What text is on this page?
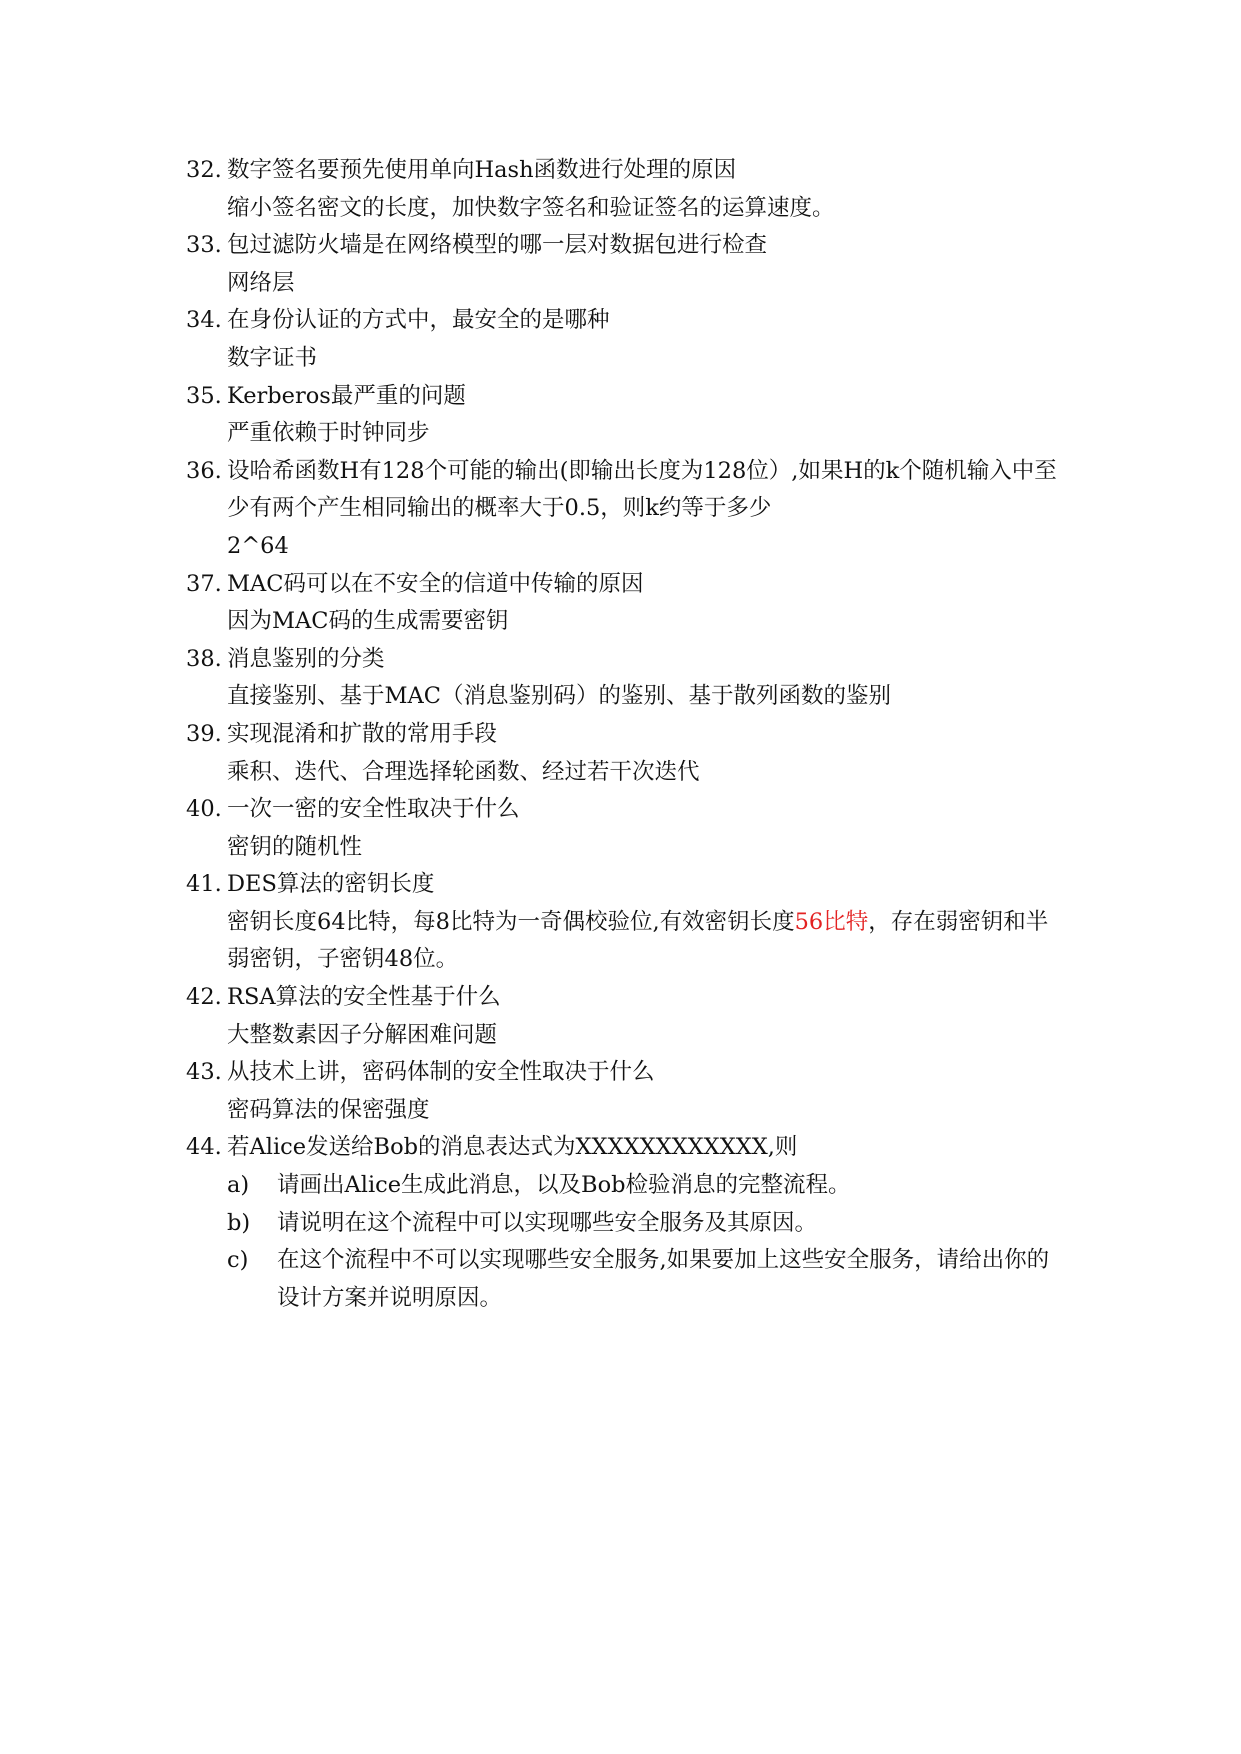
32. 数字签名要预先使用单向Hash函数进行处理的原因
缩小签名密文的长度，加快数字签名和验证签名的运算速度。
33. 包过滤防火墙是在网络模型的哪一层对数据包进行检查
网络层
34. 在身份认证的方式中，最安全的是哪种
数字证书
35. Kerberos最严重的问题
严重依赖于时钟同步
36. 设哈希函数H有128个可能的输出(即输出长度为128位）,如果H的k个随机输入中至少有两个产生相同输出的概率大于0.5，则k约等于多少
2^64
37. MAC码可以在不安全的信道中传输的原因
因为MAC码的生成需要密钥
38. 消息鉴别的分类
直接鉴别、基于MAC（消息鉴别码）的鉴别、基于散列函数的鉴别
39. 实现混淆和扩散的常用手段
乘积、迭代、合理选择轮函数、经过若干次迭代
40. 一次一密的安全性取决于什么
密钥的随机性
41. DES算法的密钥长度
密钥长度64比特，每8比特为一奇偶校验位,有效密钥长度56比特，存在弱密钥和半弱密钥，子密钥48位。
42. RSA算法的安全性基于什么
大整数素因子分解困难问题
43. 从技术上讲，密码体制的安全性取决于什么
密码算法的保密强度
44. 若Alice发送给Bob的消息表达式为XXXXXXXXXXXX,则
a) 请画出Alice生成此消息，以及Bob检验消息的完整流程。
b) 请说明在这个流程中可以实现哪些安全服务及其原因。
c) 在这个流程中不可以实现哪些安全服务,如果要加上这些安全服务，请给出你的设计方案并说明原因。
